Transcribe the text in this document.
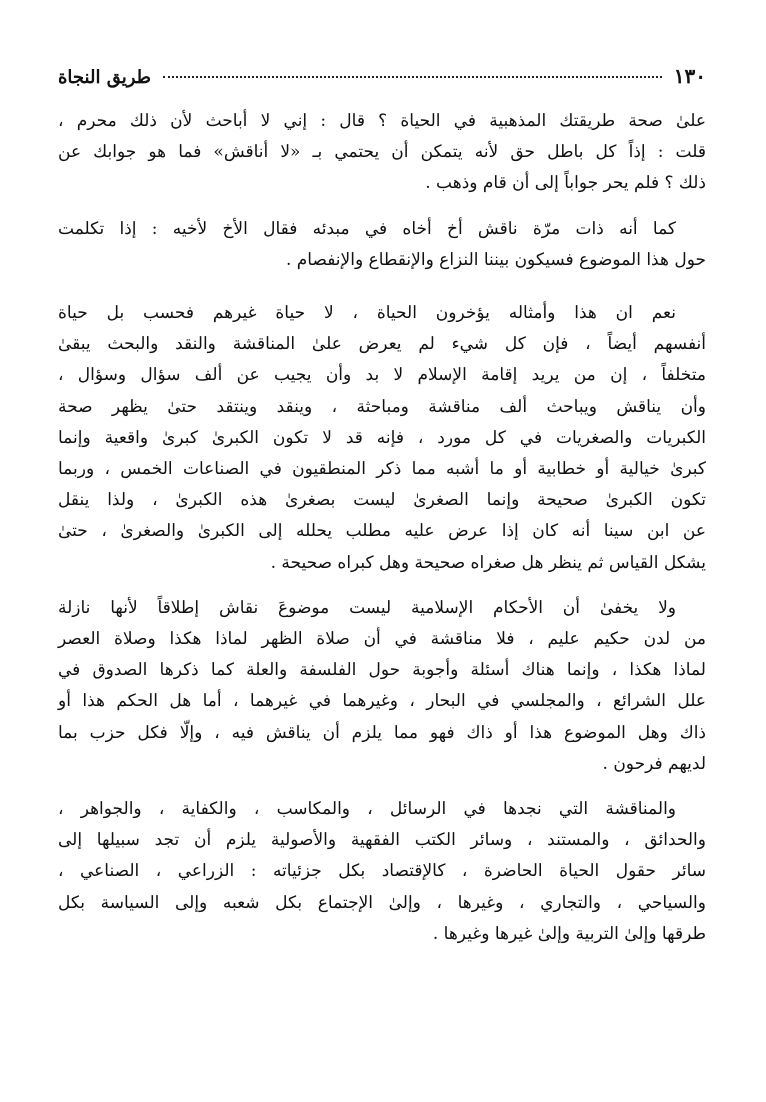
١٣٠
طريق النجاة
علىٰ صحة طريقتك المذهبية في الحياة ؟ قال : إني لا أباحث لأن ذلك محرم ،
قلت : إذاً كل باطل حق لأنه يتمكن أن يحتمي بـ «لا أناقش» فما هو جوابك عن
ذلك ؟ فلم يحر جواباً إلى أن قام وذهب .
كما أنه ذات مرّة ناقش أخ أخاه في مبدئه فقال الأخ لأخيه : إذا تكلمت
حول هذا الموضوع فسيكون بيننا النزاع والإنقطاع والإنفصام .
نعم ان هذا وأمثاله يؤخرون الحياة ، لا حياة غيرهم فحسب بل حياة
أنفسهم أيضاً ، فإن كل شيء لم يعرض علىٰ المناقشة والنقد والبحث يبقىٰ
متخلفاً ، إن من يريد إقامة الإسلام لا بد وأن يجيب عن ألف سؤال وسؤال ،
وأن يناقش ويباحث ألف مناقشة ومباحثة ، وينقد وينتقد حتىٰ يظهر صحة
الكبريات والصغريات في كل مورد ، فإنه قد لا تكون الكبرىٰ كبرىٰ واقعية وإنما
كبرىٰ خيالية أو خطابية أو ما أشبه مما ذكر المنطقيون في الصناعات الخمس ، وربما
تكون الكبرىٰ صحيحة وإنما الصغرىٰ ليست بصغرىٰ هذه الكبرىٰ ، ولذا ينقل
عن ابن سينا أنه كان إذا عرض عليه مطلب يحلله إلى الكبرىٰ والصغرىٰ ، حتىٰ
يشكل القياس ثم ينظر هل صغراه صحيحة وهل كبراه صحيحة .
ولا يخفىٰ أن الأحكام الإسلامية ليست موضوعَ نقاش إطلاقاً لأنها نازلة
من لدن حكيم عليم ، فلا مناقشة في أن صلاة الظهر لماذا هكذا وصلاة العصر
لماذا هكذا ، وإنما هناك أسئلة وأجوبة حول الفلسفة والعلة كما ذكرها الصدوق في
علل الشرائع ، والمجلسي في البحار ، وغيرهما في غيرهما ، أما هل الحكم هذا أو
ذاك وهل الموضوع هذا أو ذاك فهو مما يلزم أن يناقش فيه ، وإلّا فكل حزب بما
لديهم فرحون .
والمناقشة التي نجدها في الرسائل ، والمكاسب ، والكفاية ، والجواهر ،
والحدائق ، والمستند ، وسائر الكتب الفقهية والأصولية يلزم أن تجد سبيلها إلى
سائر حقول الحياة الحاضرة ، كالإقتصاد بكل جزئياته : الزراعي ، الصناعي ،
والسياحي ، والتجاري ، وغيرها ، وإلىٰ الإجتماع بكل شعبه وإلى السياسة بكل
طرقها وإلىٰ التربية وإلىٰ غيرها وغيرها .
